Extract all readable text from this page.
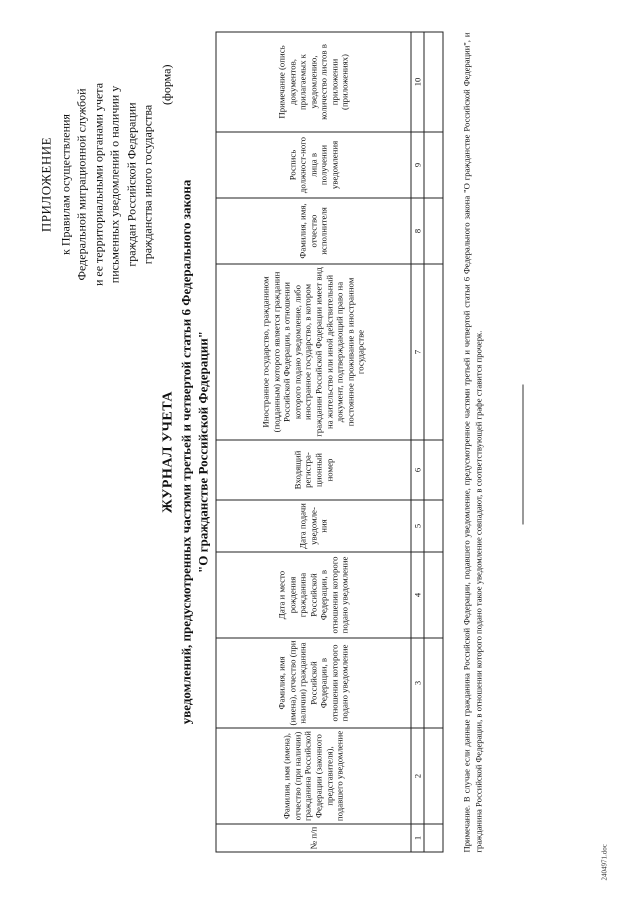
ПРИЛОЖЕНИЕ к Правилам осуществления Федеральной миграционной службой и ее территориальными органами учета письменных уведомлений о наличии у граждан Российской Федерации гражданства иного государства
(форма)
ЖУРНАЛ УЧЕТА уведомлений, предусмотренных частями третьей и четвертой статьи 6 Федерального закона "О гражданстве Российской Федерации"
№ п/п	Фамилия, имя (имена), отчество (при наличии) гражданина Российской Федерации (законного представителя), подавшего уведомление	Фамилия, имя (имена), отчество (при наличии) гражданина Российской Федерации, в отношении которого подано уведомление	Дата и место рождения гражданина Российской Федерации, в отношении которого подано уведомление	Дата подачи уведомле-ния	Входящий регистра-ционный номер	Иностранное государство, гражданином (подданным) которого является гражданин Российской Федерации, в отношении которого подано уведомление, либо иностранное государство, в котором гражданин Российской Федерации имеет вид на жительство или иной действительный документ, подтверждающий право на постоянное проживание в иностранном государстве	Фамилия, имя, отчество исполнителя	Роспись должност-ного лица в получении уведомления	Примечание (опись документов, прилагаемых к уведомлению, количество листов в приложении (приложениях)
1	2	3	4	5	6	7	8	9	10

Примечание. В случае если данные гражданина Российской Федерации, подавшего уведомление, предусмотренное частями третьей и четвертой статьи 6 Федерального закона "О гражданстве Российской Федерации", и гражданина Российской Федерации, в отношении которого подано такое уведомление совпадают, в соответствующей графе ставится прочерк.
2404971.doc
